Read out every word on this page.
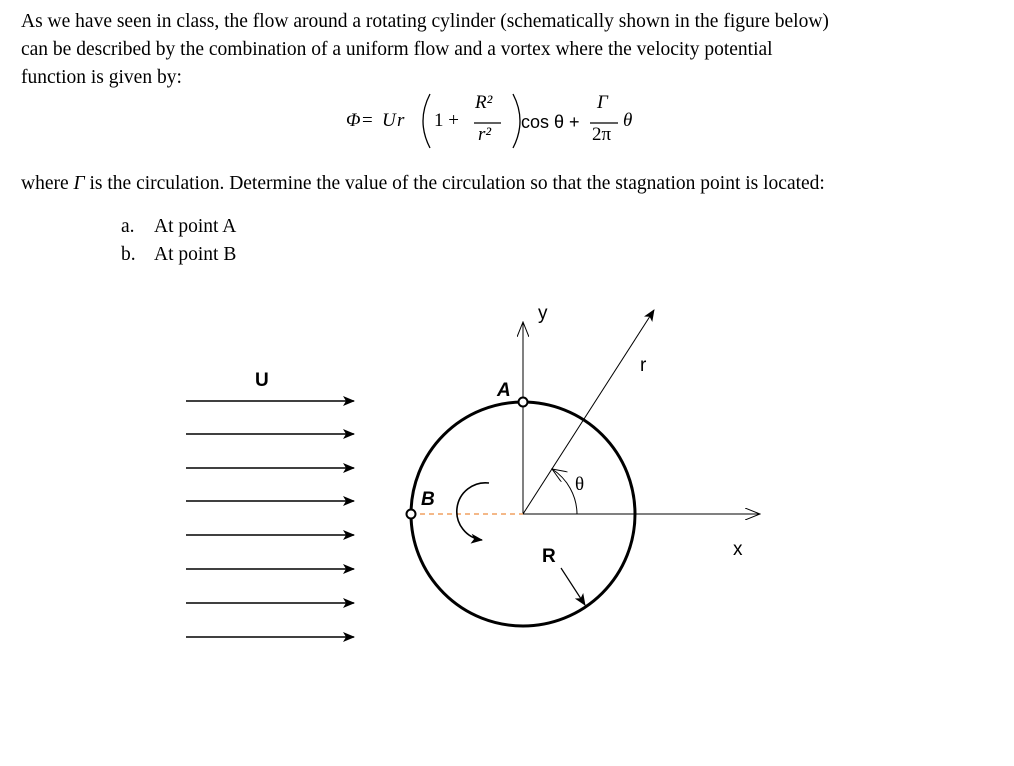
As we have seen in class, the flow around a rotating cylinder (schematically shown in the figure below)
can be described by the combination of a uniform flow and a vortex where the velocity potential
function is given by:
Φ = U r 1 +
R²
r²
cos θ +
Γ
2π
θ

where Γ is the circulation. Determine the value of the circulation so that the stagnation point is located:

a. At point A
b. At point B
U
y
x
r
R
θ
A
B
